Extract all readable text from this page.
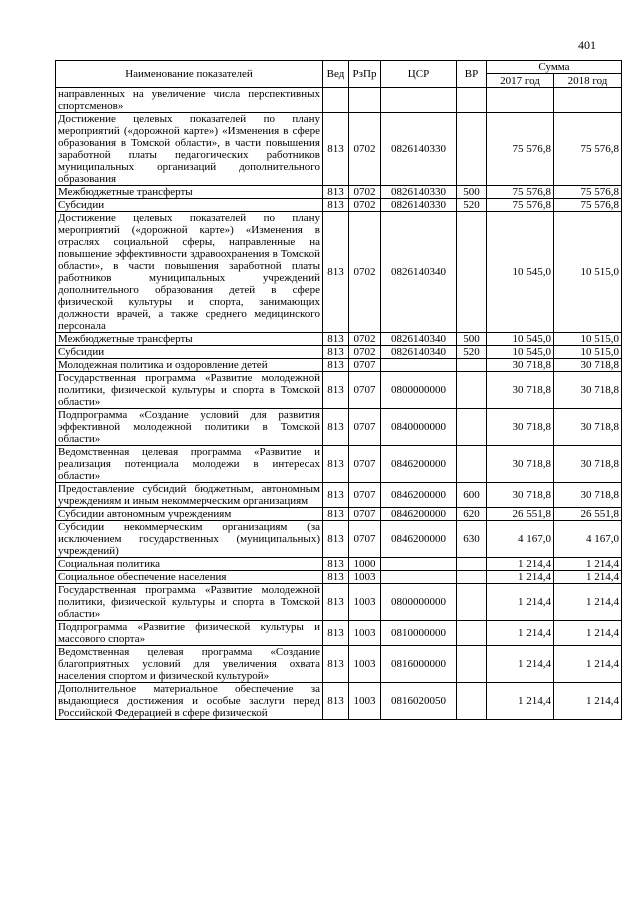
401
Наименование показателей	Вед	РзПр	ЦСР	ВР	Сумма	
					2017 год	2018 год
направленных на увеличение числа перспективных спортсменов»						
Достижение целевых показателей по плану мероприятий («дорожной карте») «Изменения в сфере образования в Томской области», в части повышения заработной платы педагогических работников муниципальных организаций дополнительного образования	813	0702	0826140330		75 576,8	75 576,8
Межбюджетные трансферты	813	0702	0826140330	500	75 576,8	75 576,8
Субсидии	813	0702	0826140330	520	75 576,8	75 576,8
Достижение целевых показателей по плану мероприятий («дорожной карте») «Изменения в отраслях социальной сферы, направленные на повышение эффективности здравоохранения в Томской области», в части повышения заработной платы работников муниципальных учреждений дополнительного образования детей в сфере физической культуры и спорта, занимающих должности врачей, а также среднего медицинского персонала	813	0702	0826140340		10 545,0	10 515,0
Межбюджетные трансферты	813	0702	0826140340	500	10 545,0	10 515,0
Субсидии	813	0702	0826140340	520	10 545,0	10 515,0
Молодежная политика и оздоровление детей	813	0707			30 718,8	30 718,8
Государственная программа «Развитие молодежной политики, физической культуры и спорта в Томской области»	813	0707	0800000000		30 718,8	30 718,8
Подпрограмма «Создание условий для развития эффективной молодежной политики в Томской области»	813	0707	0840000000		30 718,8	30 718,8
Ведомственная целевая программа «Развитие и реализация потенциала молодежи в интересах области»	813	0707	0846200000		30 718,8	30 718,8
Предоставление субсидий бюджетным, автономным учреждениям и иным некоммерческим организациям	813	0707	0846200000	600	30 718,8	30 718,8
Субсидии автономным учреждениям	813	0707	0846200000	620	26 551,8	26 551,8
Субсидии некоммерческим организациям (за исключением государственных (муниципальных) учреждений)	813	0707	0846200000	630	4 167,0	4 167,0
Социальная политика	813	1000			1 214,4	1 214,4
Социальное обеспечение населения	813	1003			1 214,4	1 214,4
Государственная программа «Развитие молодежной политики, физической культуры и спорта в Томской области»	813	1003	0800000000		1 214,4	1 214,4
Подпрограмма «Развитие физической культуры и массового спорта»	813	1003	0810000000		1 214,4	1 214,4
Ведомственная целевая программа «Создание благоприятных условий для увеличения охвата населения спортом и физической культурой»	813	1003	0816000000		1 214,4	1 214,4
Дополнительное материальное обеспечение за выдающиеся достижения и особые заслуги перед Российской Федерацией в сфере физической	813	1003	0816020050		1 214,4	1 214,4
